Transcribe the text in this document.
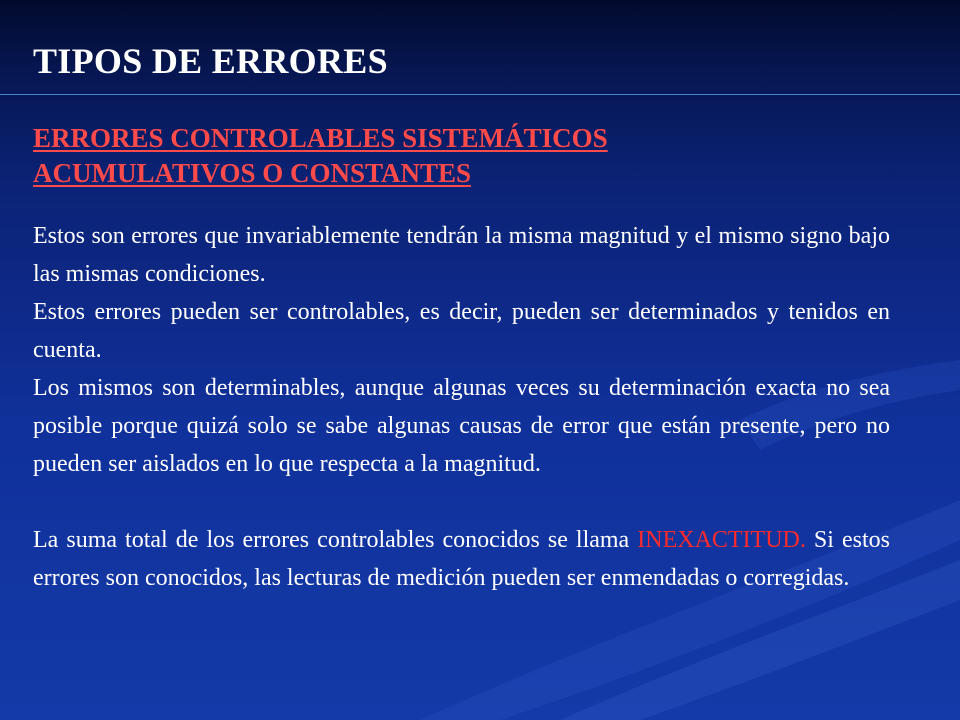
TIPOS DE ERRORES
ERRORES CONTROLABLES SISTEMÁTICOS
ACUMULATIVOS O CONSTANTES

Estos son errores que invariablemente tendrán la misma magnitud y el mismo signo bajo las mismas condiciones.

Estos errores pueden ser controlables, es decir, pueden ser determinados y tenidos en cuenta.

Los mismos son determinables, aunque algunas veces su determinación exacta no sea posible porque quizá solo se sabe algunas causas de error que están presente, pero no pueden ser aislados en lo que respecta a la magnitud.

La suma total de los errores controlables conocidos se llama INEXACTITUD. Si estos errores son conocidos, las lecturas de medición pueden ser enmendadas o corregidas.
